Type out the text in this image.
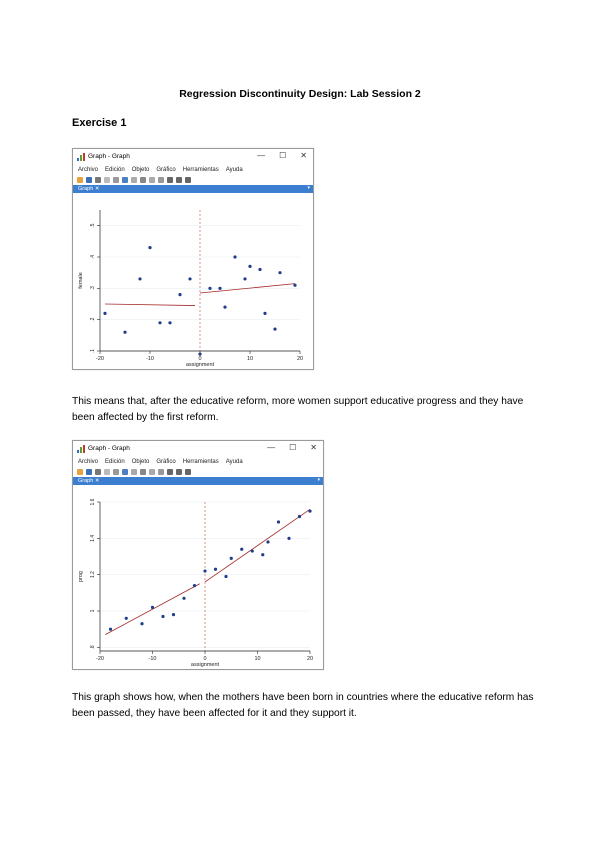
Regression Discontinuity Design: Lab Session 2
Exercise 1
Graph - Graph	— ☐ ✕
Archivo Edición Objeto Gráfico Herramientas Ayuda
Graph ✕	▾
.1
.2
.3
.4
.5
-20	-10	0	10	20
assignment
female
This means that, after the educative reform, more women support educative progress and they have been affected by the first reform.
Graph - Graph	— ☐ ✕
Archivo Edición Objeto Gráfico Herramientas Ayuda
Graph ✕	▾
.8
1
1.2
1.4
1.6
-20	-10	0	10	20
assignment
prog
This graph shows how, when the mothers have been born in countries where the educative reform has been passed, they have been affected for it and they support it.
